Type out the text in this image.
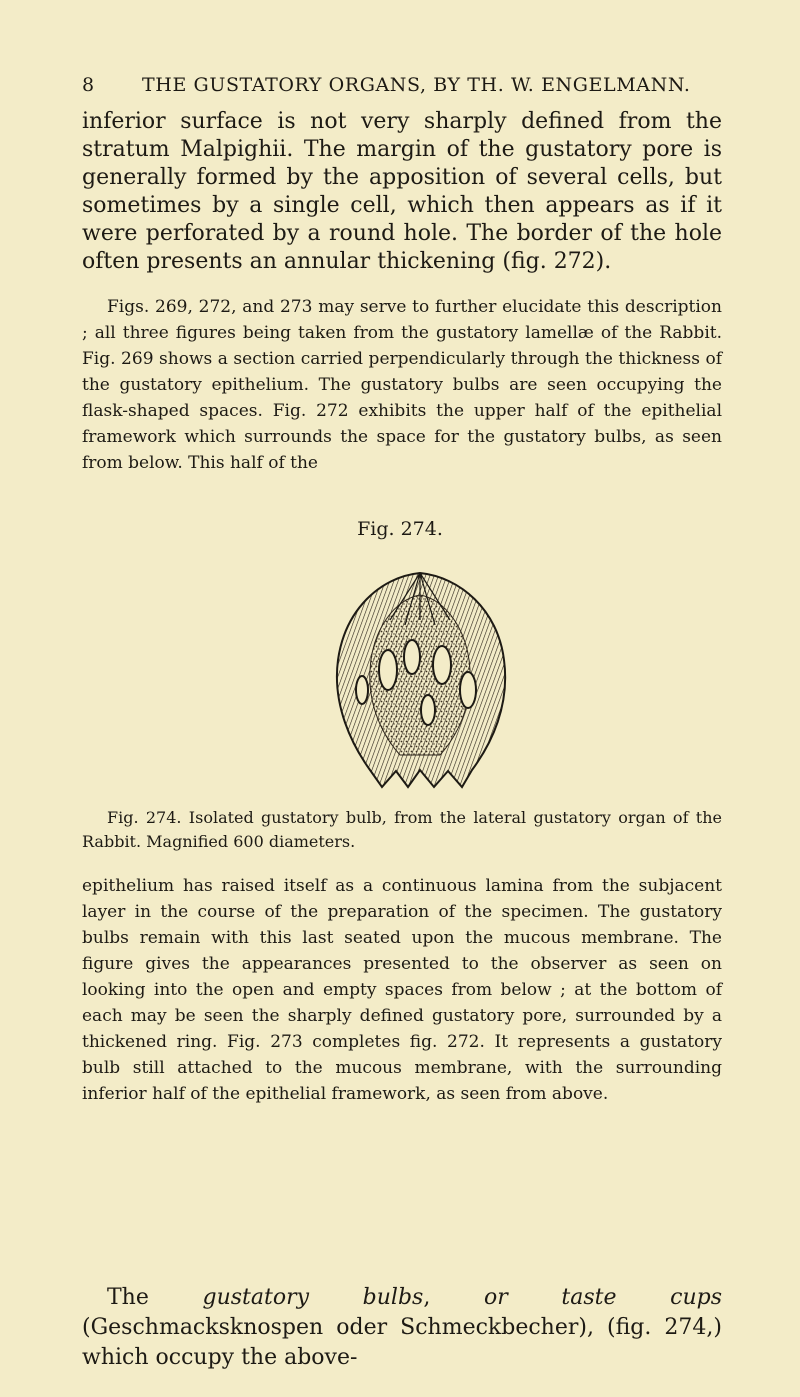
8 THE GUSTATORY ORGANS, BY TH. W. ENGELMANN.

inferior surface is not very sharply defined from the stratum Malpighii. The margin of the gustatory pore is generally formed by the apposition of several cells, but sometimes by a single cell, which then appears as if it were perforated by a round hole. The border of the hole often presents an annular thickening (fig. 272).

Figs. 269, 272, and 273 may serve to further elucidate this description ; all three figures being taken from the gustatory lamellæ of the Rabbit. Fig. 269 shows a section carried perpendicularly through the thickness of the gustatory epithelium. The gustatory bulbs are seen occupying the flask-shaped spaces. Fig. 272 exhibits the upper half of the epithelial framework which surrounds the space for the gustatory bulbs, as seen from below. This half of the

Fig. 274.

Fig. 274. Isolated gustatory bulb, from the lateral gustatory organ of the Rabbit. Magnified 600 diameters.

epithelium has raised itself as a continuous lamina from the subjacent layer in the course of the preparation of the specimen. The gustatory bulbs remain with this last seated upon the mucous membrane. The figure gives the appearances presented to the observer as seen on looking into the open and empty spaces from below ; at the bottom of each may be seen the sharply defined gustatory pore, surrounded by a thickened ring. Fig. 273 completes fig. 272. It represents a gustatory bulb still attached to the mucous membrane, with the surrounding inferior half of the epithelial framework, as seen from above.

The gustatory bulbs, or taste cups (Geschmacksknospen oder Schmeckbecher), (fig. 274,) which occupy the above-
